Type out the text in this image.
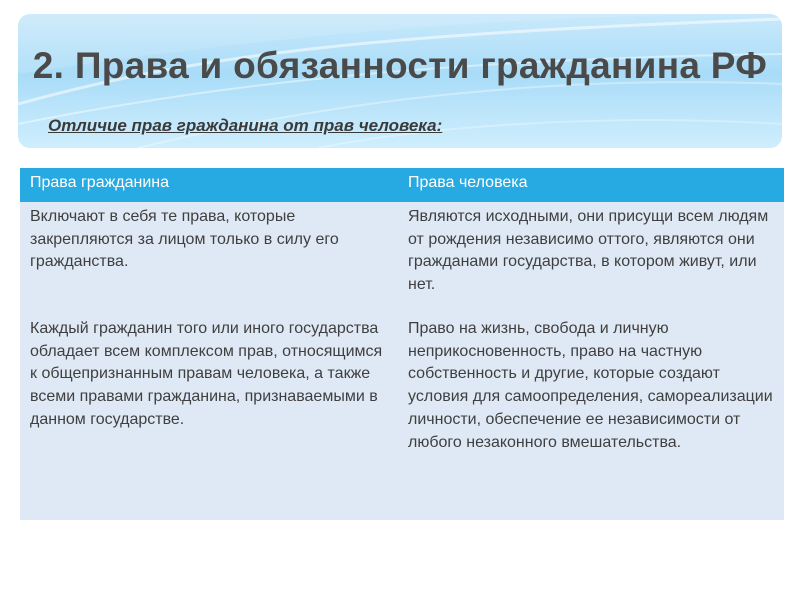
2. Права и обязанности гражданина РФ

Отличие прав гражданина от прав человека:

Права гражданина	Права человека

Включают в себя те права, которые закрепляются за лицом только в силу его гражданства.

Являются исходными, они присущи всем людям от рождения независимо оттого, являются они гражданами государства, в котором живут, или нет.

Каждый гражданин того или иного государства обладает всем комплексом прав, относящимся к общепризнанным правам человека, а также всеми правами гражданина, признаваемыми в данном государстве.

Право на жизнь, свобода и личную неприкосновенность, право на частную собственность и другие, которые создают условия для самоопределения, самореализации личности, обеспечение ее независимости от любого незаконного вмешательства.
